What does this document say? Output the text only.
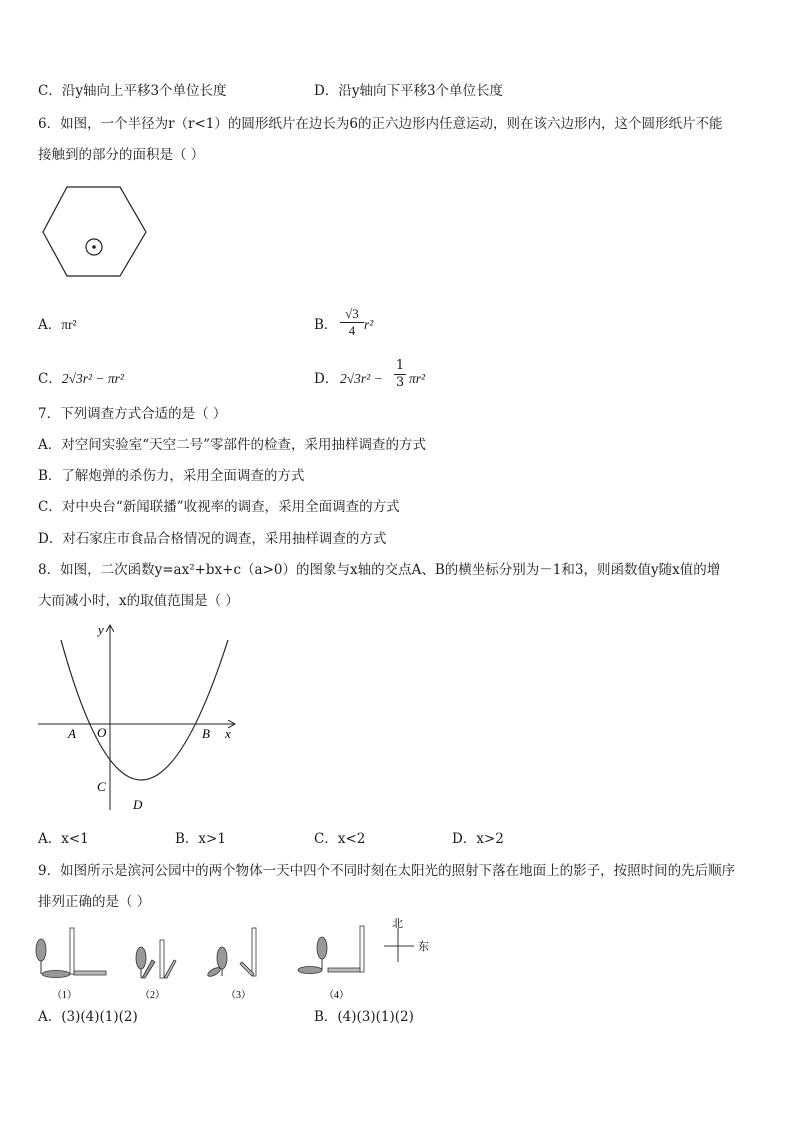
C．沿y轴向上平移3个单位长度	D．沿y轴向下平移3个单位长度
6．如图，一个半径为r（r<1）的圆形纸片在边长为6的正六边形内任意运动，则在该六边形内，这个圆形纸片不能
接触到的部分的面积是（ ）
A．πr²	B． $\frac{√3}{4} r^2$
C．2√3r² − πr²	D． $2√3r^2 - \frac{1}{3} \pi r^2$
7．下列调查方式合适的是（ ）
A．对空间实验室“天空二号”零部件的检查，采用抽样调查的方式
B．了解炮弹的杀伤力，采用全面调查的方式
C．对中央台“新闻联播”收视率的调查，采用全面调查的方式
D．对石家庄市食品合格情况的调查，采用抽样调查的方式
8．如图，二次函数y=ax²+bx+c（a>0）的图象与x轴的交点A、B的横坐标分别为－1和3，则函数值y随x值的增
大而减小时，x的取值范围是（ ）
y
x
A O	B
C
D
A．x<1	B．x>1	C．x<2	D．x>2
9．如图所示是滨河公园中的两个物体一天中四个不同时刻在太阳光的照射下落在地面上的影子，按照时间的先后顺序
排列正确的是（ ）
北
东
（1）	（2）	（3）	（4）
A．(3)(4)(1)(2)	B．(4)(3)(1)(2)
